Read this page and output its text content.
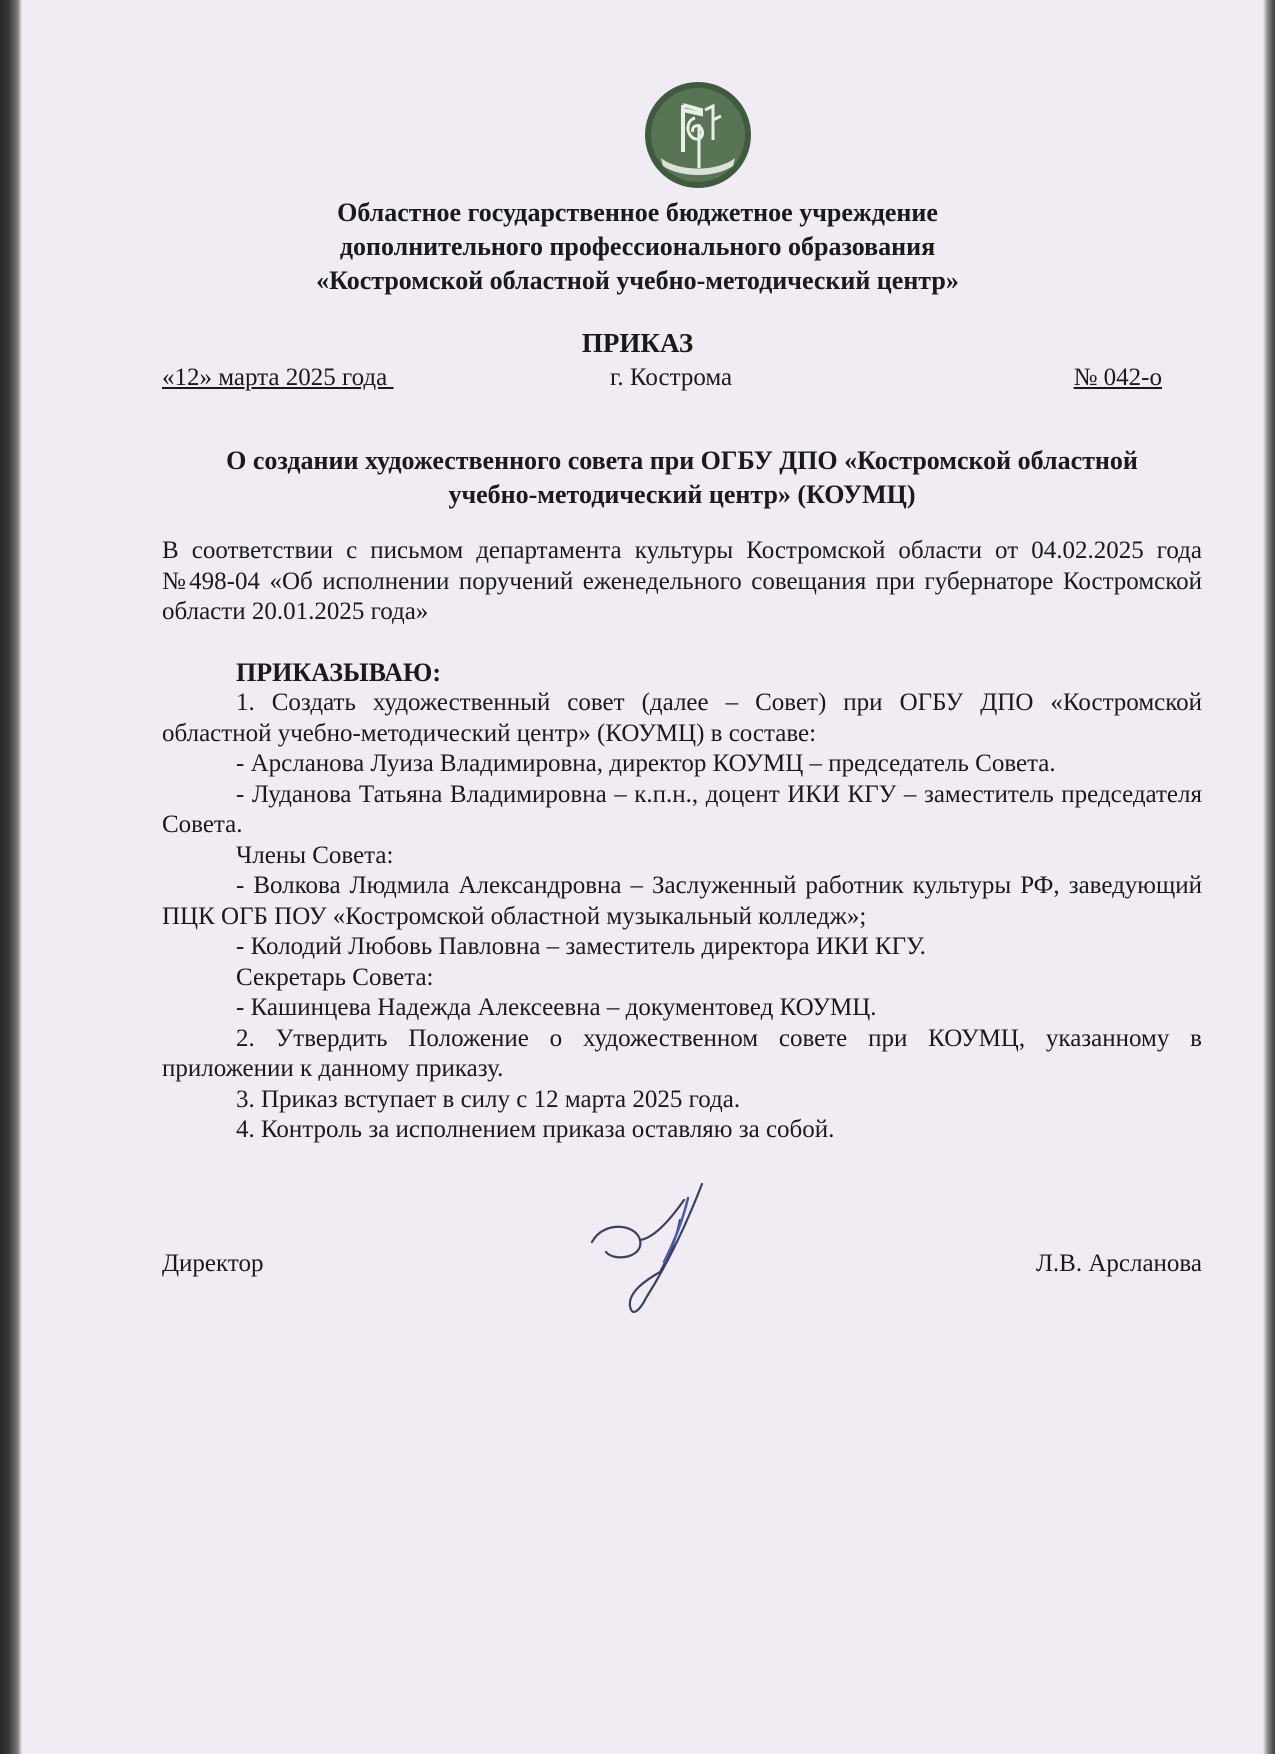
Областное государственное бюджетное учреждение
дополнительного профессионального образования
«Костромской областной учебно-методический центр»
ПРИКАЗ
«12» марта 2025 года	г. Кострома	№ 042-о
О создании художественного совета при ОГБУ ДПО «Костромской областной
учебно-методический центр» (КОУМЦ)

В соответствии с письмом департамента культуры Костромской области от 04.02.2025 года №498-04 «Об исполнении поручений еженедельного совещания при губернаторе Костромской области 20.01.2025 года»

ПРИКАЗЫВАЮ:

1. Создать художественный совет (далее – Совет) при ОГБУ ДПО «Костромской областной учебно-методический центр» (КОУМЦ) в составе:

- Арсланова Луиза Владимировна, директор КОУМЦ – председатель Совета.

- Луданова Татьяна Владимировна – к.п.н., доцент ИКИ КГУ – заместитель председателя Совета.

Члены Совета:

- Волкова Людмила Александровна – Заслуженный работник культуры РФ, заведующий ПЦК ОГБ ПОУ «Костромской областной музыкальный колледж»;

- Колодий Любовь Павловна – заместитель директора ИКИ КГУ.

Секретарь Совета:

- Кашинцева Надежда Алексеевна – документовед КОУМЦ.

2. Утвердить Положение о художественном совете при КОУМЦ, указанному в приложении к данному приказу.

3. Приказ вступает в силу с 12 марта 2025 года.

4. Контроль за исполнением приказа оставляю за собой.

Директор	Л.В. Арсланова
